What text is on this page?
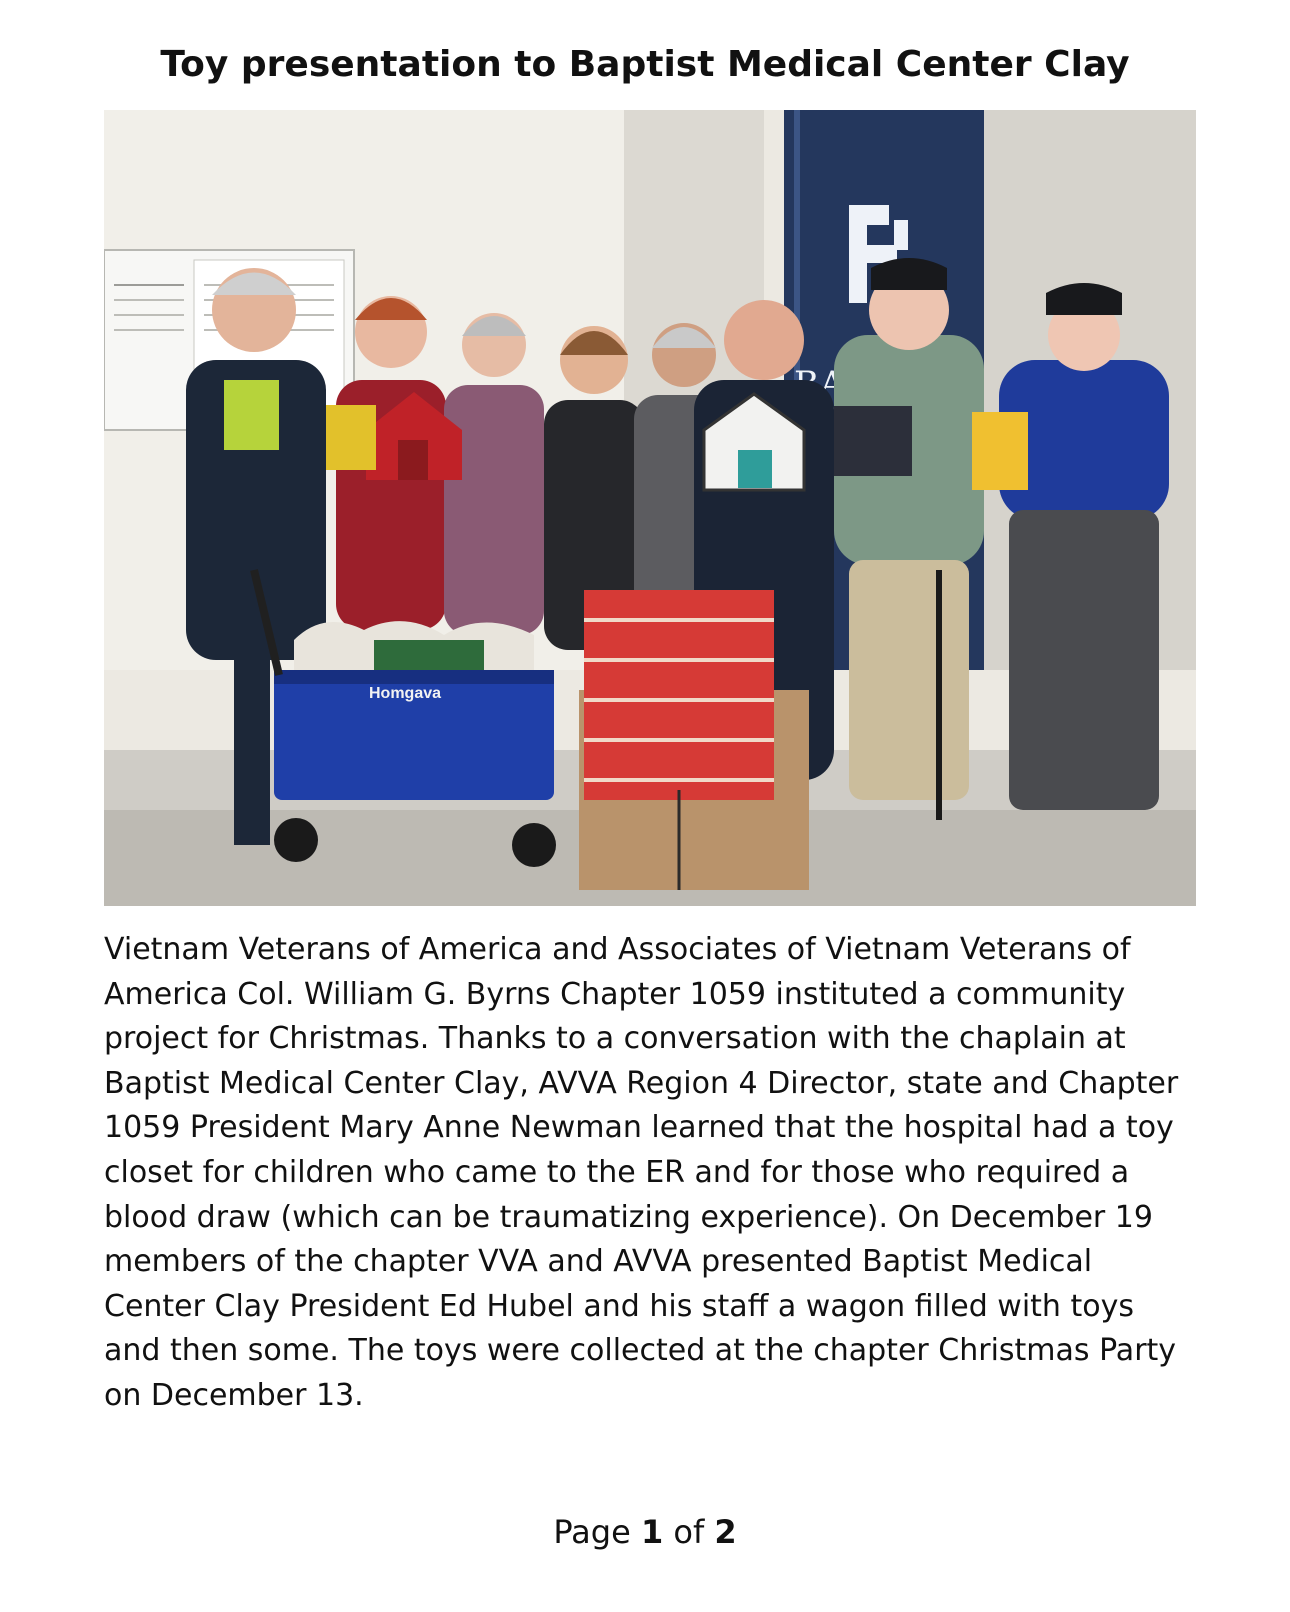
Toy presentation to Baptist Medical Center Clay
Homgava

Vietnam Veterans of America and Associates of Vietnam Veterans of America Col. William G. Byrns Chapter 1059 instituted a community project for Christmas. Thanks to a conversation with the chaplain at Baptist Medical Center Clay, AVVA Region 4 Director, state and Chapter 1059 President Mary Anne Newman learned that the hospital had a toy closet for children who came to the ER and for those who required a blood draw (which can be traumatizing experience). On December 19 members of the chapter VVA and AVVA presented Baptist Medical Center Clay President Ed Hubel and his staff a wagon filled with toys and then some. The toys were collected at the chapter Christmas Party on December 13.

Page 1 of 2
